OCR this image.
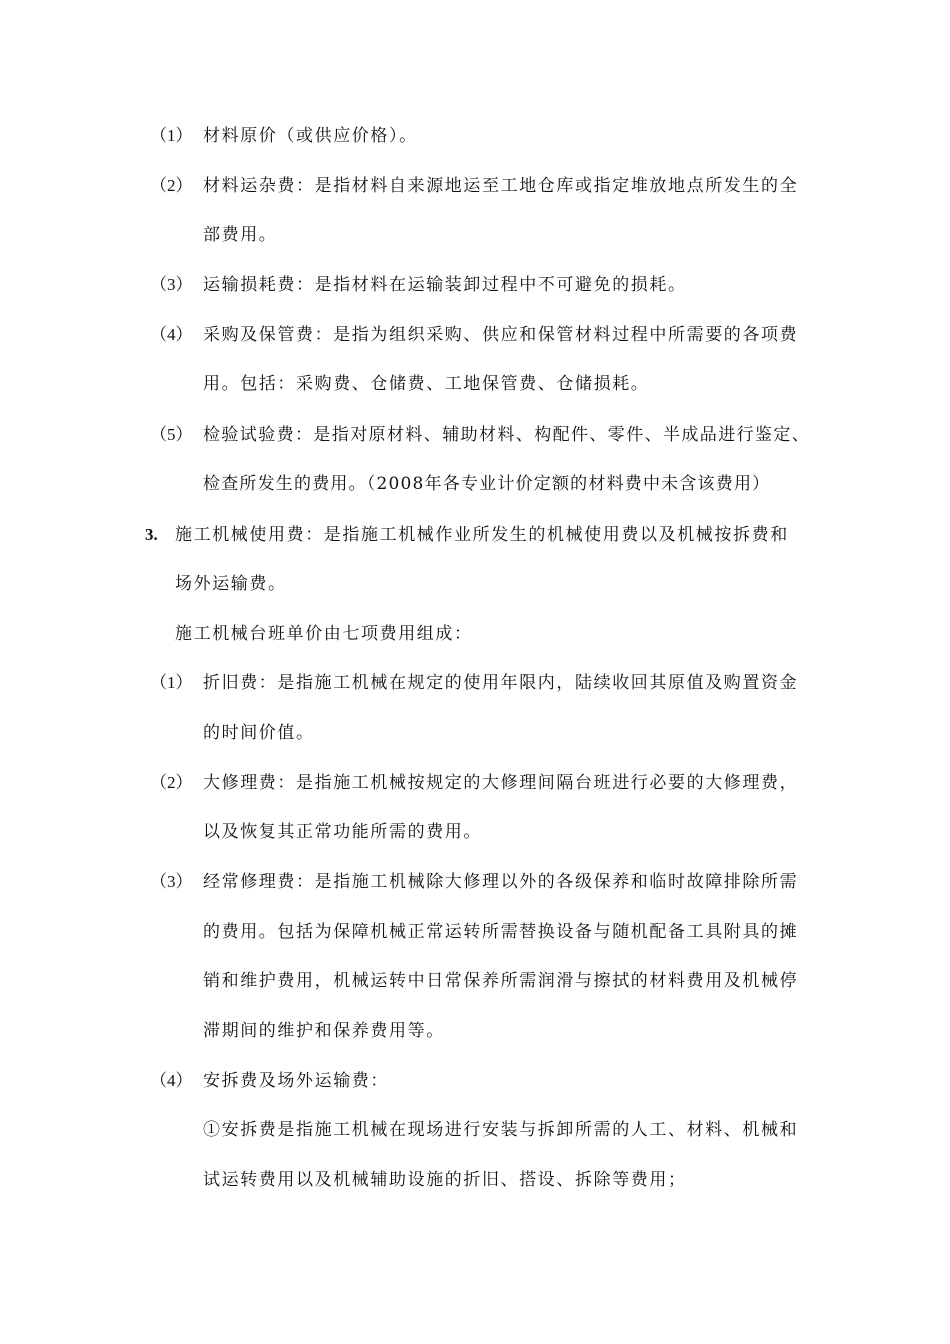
（1） 材料原价（或供应价格）。
（2） 材料运杂费：是指材料自来源地运至工地仓库或指定堆放地点所发生的全
部费用。
（3） 运输损耗费：是指材料在运输装卸过程中不可避免的损耗。
（4） 采购及保管费：是指为组织采购、供应和保管材料过程中所需要的各项费
用。包括：采购费、仓储费、工地保管费、仓储损耗。
（5） 检验试验费：是指对原材料、辅助材料、构配件、零件、半成品进行鉴定、
检查所发生的费用。（2008年各专业计价定额的材料费中未含该费用）
3. 施工机械使用费：是指施工机械作业所发生的机械使用费以及机械按拆费和
场外运输费。
施工机械台班单价由七项费用组成：
（1） 折旧费：是指施工机械在规定的使用年限内，陆续收回其原值及购置资金
的时间价值。
（2） 大修理费：是指施工机械按规定的大修理间隔台班进行必要的大修理费，
以及恢复其正常功能所需的费用。
（3） 经常修理费：是指施工机械除大修理以外的各级保养和临时故障排除所需
的费用。包括为保障机械正常运转所需替换设备与随机配备工具附具的摊
销和维护费用，机械运转中日常保养所需润滑与擦拭的材料费用及机械停
滞期间的维护和保养费用等。
（4） 安拆费及场外运输费：
①安拆费是指施工机械在现场进行安装与拆卸所需的人工、材料、机械和
试运转费用以及机械辅助设施的折旧、搭设、拆除等费用；
